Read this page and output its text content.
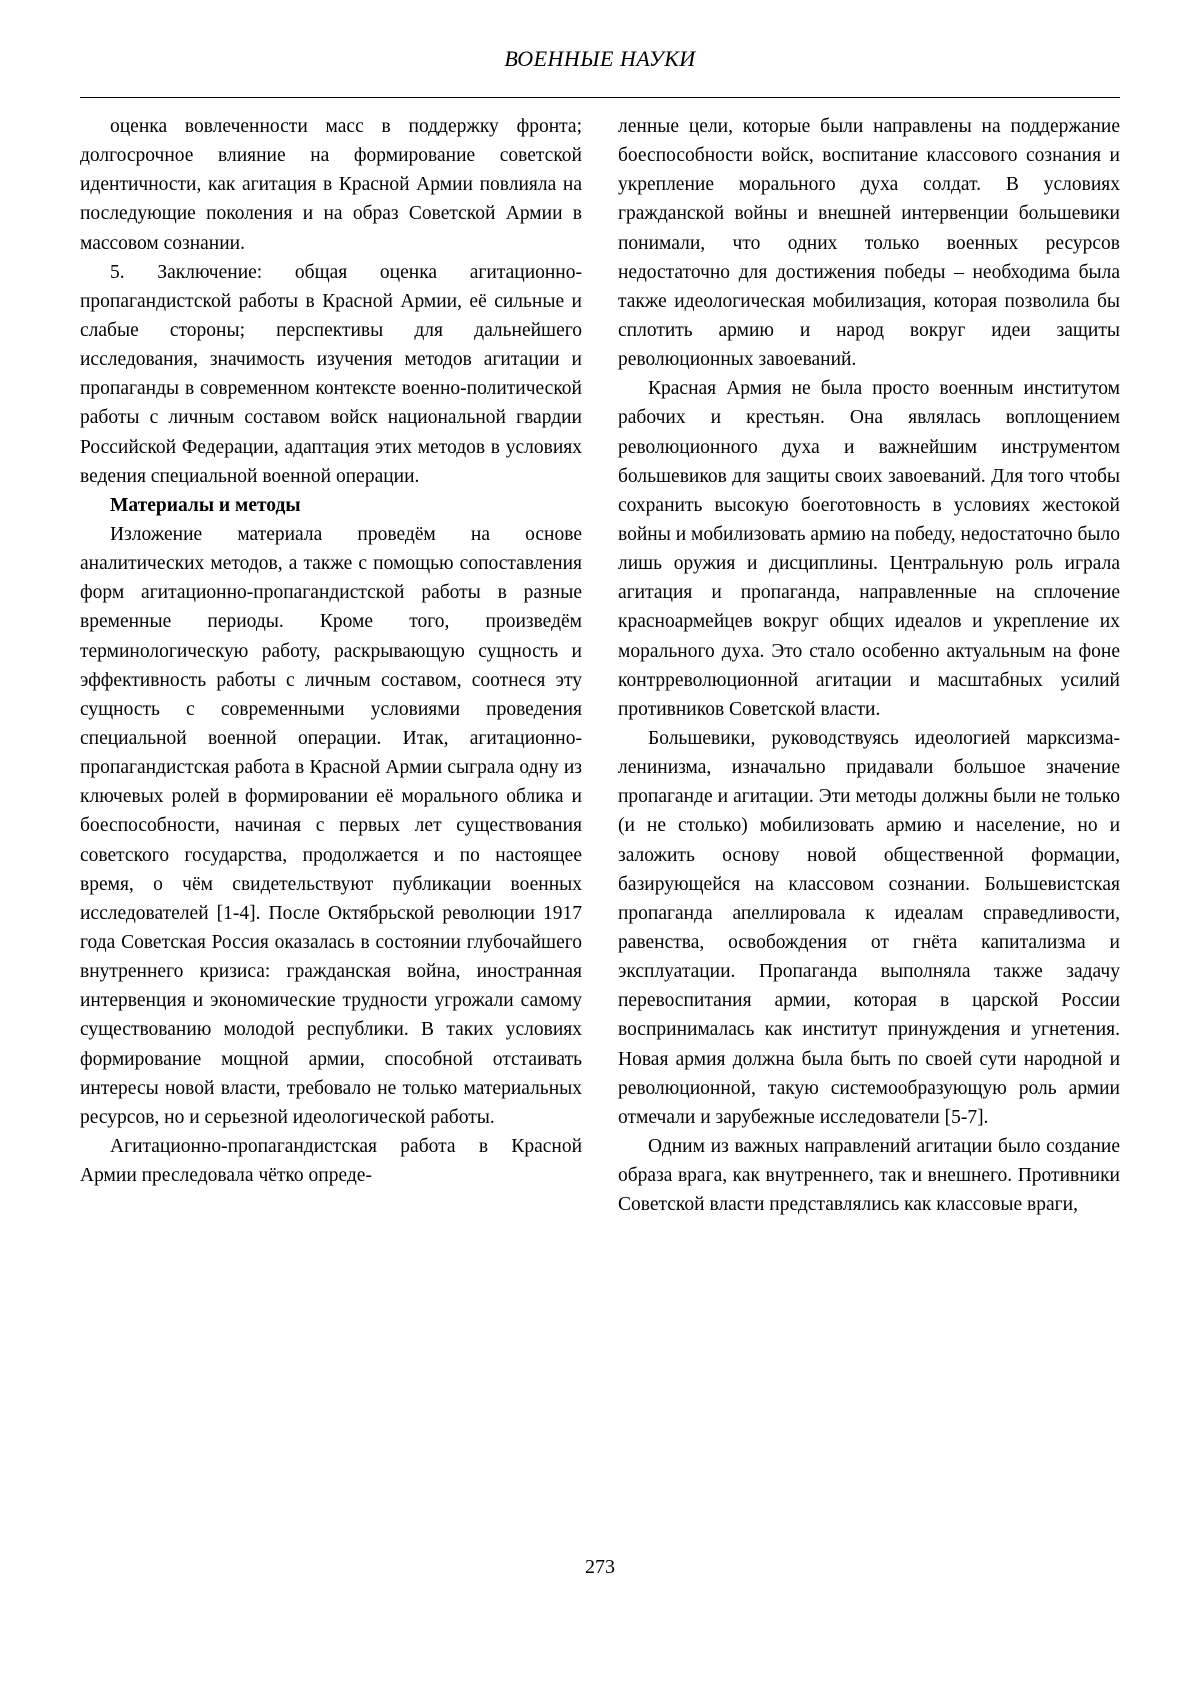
ВОЕННЫЕ НАУКИ

оценка вовлеченности масс в поддержку фронта; долгосрочное влияние на формирование советской идентичности, как агитация в Красной Армии повлияла на последующие поколения и на образ Советской Армии в массовом сознании.

5. Заключение: общая оценка агитационно-пропагандистской работы в Красной Армии, её сильные и слабые стороны; перспективы для дальнейшего исследования, значимость изучения методов агитации и пропаганды в современном контексте военно-политической работы с личным составом войск национальной гвардии Российской Федерации, адаптация этих методов в условиях ведения специальной военной операции.

Материалы и методы

Изложение материала проведём на основе аналитических методов, а также с помощью сопоставления форм агитационно-пропагандистской работы в разные временные периоды. Кроме того, произведём терминологическую работу, раскрывающую сущность и эффективность работы с личным составом, соотнеся эту сущность с современными условиями проведения специальной военной операции. Итак, агитационно-пропагандистская работа в Красной Армии сыграла одну из ключевых ролей в формировании её морального облика и боеспособности, начиная с первых лет существования советского государства, продолжается и по настоящее время, о чём свидетельствуют публикации военных исследователей [1-4]. После Октябрьской революции 1917 года Советская Россия оказалась в состоянии глубочайшего внутреннего кризиса: гражданская война, иностранная интервенция и экономические трудности угрожали самому существованию молодой республики. В таких условиях формирование мощной армии, способной отстаивать интересы новой власти, требовало не только материальных ресурсов, но и серьезной идеологической работы.

Агитационно-пропагандистская работа в Красной Армии преследовала чётко опреде-

ленные цели, которые были направлены на поддержание боеспособности войск, воспитание классового сознания и укрепление морального духа солдат. В условиях гражданской войны и внешней интервенции большевики понимали, что одних только военных ресурсов недостаточно для достижения победы – необходима была также идеологическая мобилизация, которая позволила бы сплотить армию и народ вокруг идеи защиты революционных завоеваний.

Красная Армия не была просто военным институтом рабочих и крестьян. Она являлась воплощением революционного духа и важнейшим инструментом большевиков для защиты своих завоеваний. Для того чтобы сохранить высокую боеготовность в условиях жестокой войны и мобилизовать армию на победу, недостаточно было лишь оружия и дисциплины. Центральную роль играла агитация и пропаганда, направленные на сплочение красноармейцев вокруг общих идеалов и укрепление их морального духа. Это стало особенно актуальным на фоне контрреволюционной агитации и масштабных усилий противников Советской власти.

Большевики, руководствуясь идеологией марксизма-ленинизма, изначально придавали большое значение пропаганде и агитации. Эти методы должны были не только (и не столько) мобилизовать армию и население, но и заложить основу новой общественной формации, базирующейся на классовом сознании. Большевистская пропаганда апеллировала к идеалам справедливости, равенства, освобождения от гнёта капитализма и эксплуатации. Пропаганда выполняла также задачу перевоспитания армии, которая в царской России воспринималась как институт принуждения и угнетения. Новая армия должна была быть по своей сути народной и революционной, такую системообразующую роль армии отмечали и зарубежные исследователи [5-7].

Одним из важных направлений агитации было создание образа врага, как внутреннего, так и внешнего. Противники Советской власти представлялись как классовые враги,

273
